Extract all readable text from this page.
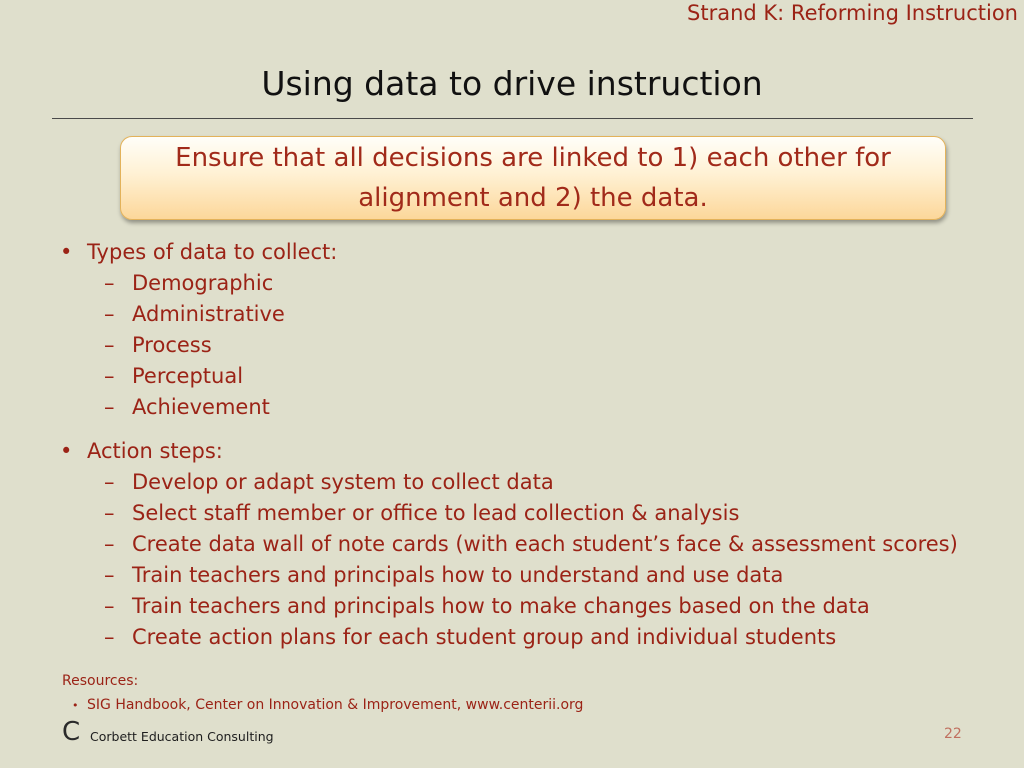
Strand K: Reforming Instruction
Using data to drive instruction
Ensure that all decisions are linked to 1) each other for alignment and 2) the data.
• Types of data to collect:
– Demographic
– Administrative
– Process
– Perceptual
– Achievement
• Action steps:
– Develop or adapt system to collect data
– Select staff member or office to lead collection & analysis
– Create data wall of note cards (with each student’s face & assessment scores)
– Train teachers and principals how to understand and use data
– Train teachers and principals how to make changes based on the data
– Create action plans for each student group and individual students
Resources:
• SIG Handbook, Center on Innovation & Improvement, www.centerii.org
C Corbett Education Consulting	22
